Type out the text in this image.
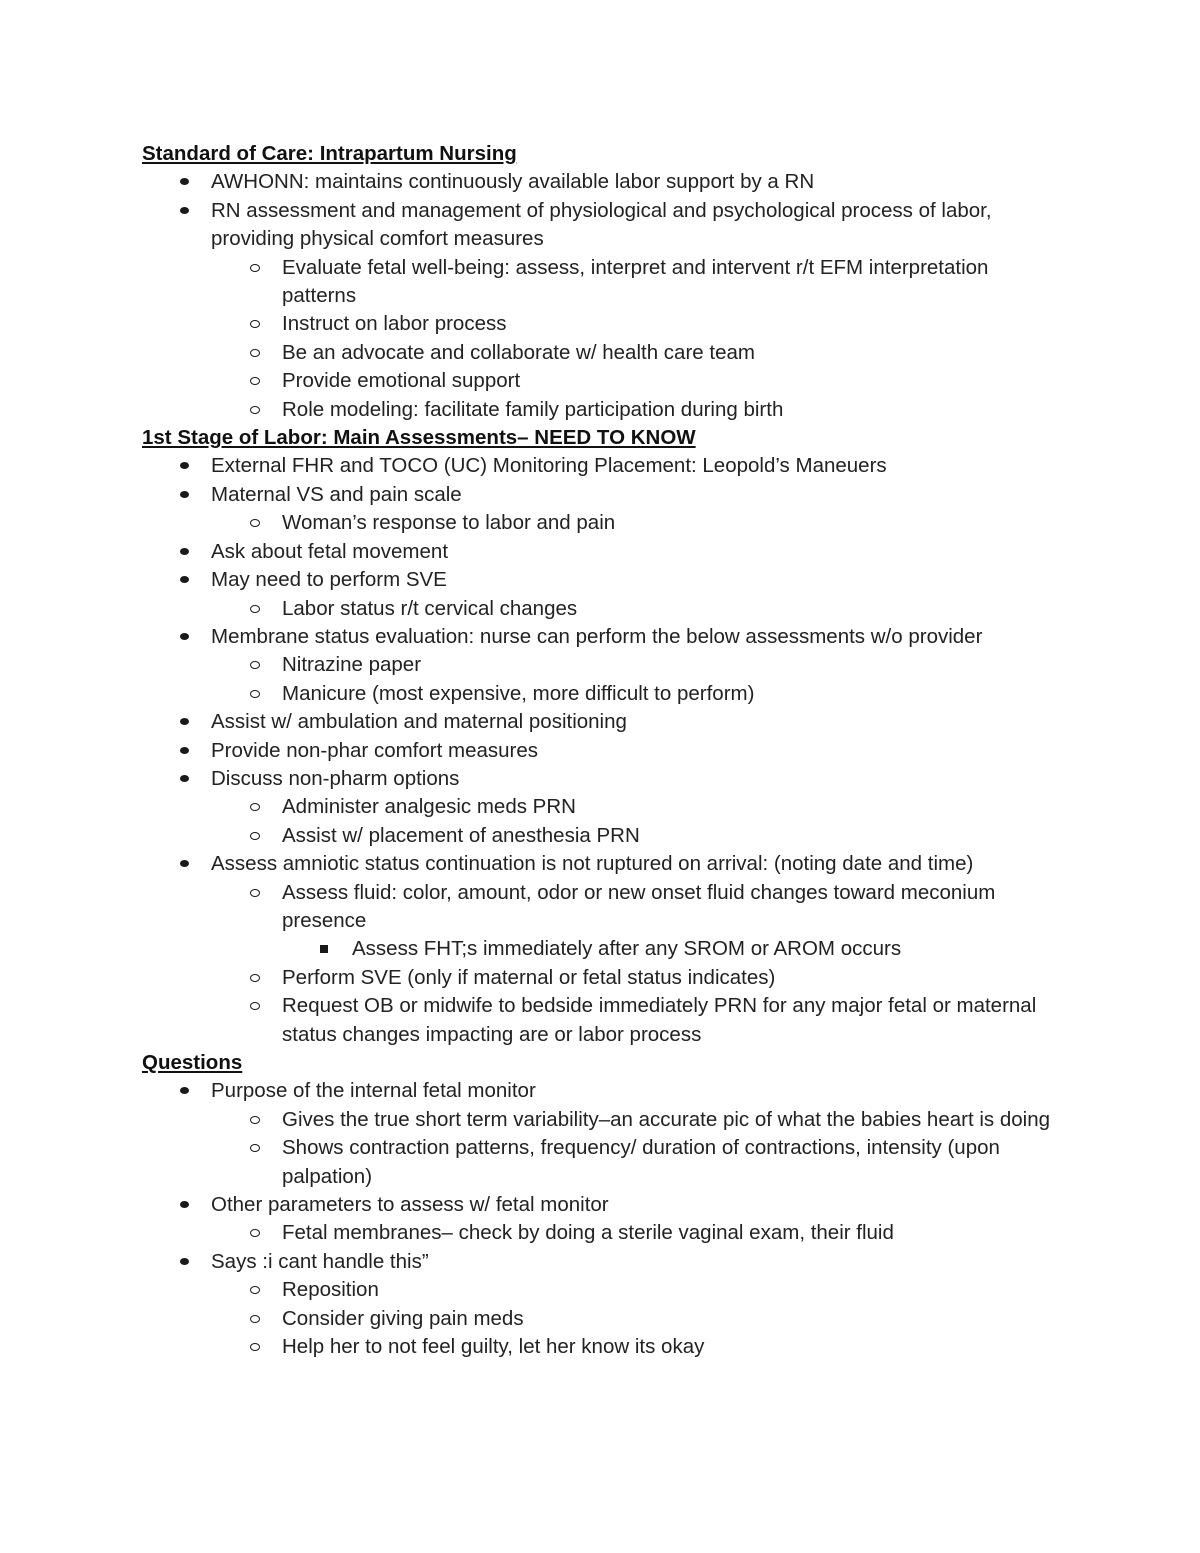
Standard of Care: Intrapartum Nursing
AWHONN: maintains continuously available labor support by a RN
RN assessment and management of physiological and psychological process of labor, providing physical comfort measures
Evaluate fetal well-being: assess, interpret and intervent r/t EFM interpretation patterns
Instruct on labor process
Be an advocate and collaborate w/ health care team
Provide emotional support
Role modeling: facilitate family participation during birth
1st Stage of Labor: Main Assessments– NEED TO KNOW
External FHR and TOCO (UC) Monitoring Placement: Leopold’s Maneuers
Maternal VS and pain scale
Woman’s response to labor and pain
Ask about fetal movement
May need to perform SVE
Labor status r/t cervical changes
Membrane status evaluation: nurse can perform the below assessments w/o provider
Nitrazine paper
Manicure (most expensive, more difficult to perform)
Assist w/ ambulation and maternal positioning
Provide non-phar comfort measures
Discuss non-pharm options
Administer analgesic meds PRN
Assist w/ placement of anesthesia PRN
Assess amniotic status continuation is not ruptured on arrival: (noting date and time)
Assess fluid: color, amount, odor or new onset fluid changes toward meconium presence
Assess FHT;s immediately after any SROM or AROM occurs
Perform SVE (only if maternal or fetal status indicates)
Request OB or midwife to bedside immediately PRN for any major fetal or maternal status changes impacting are or labor process
Questions
Purpose of the internal fetal monitor
Gives the true short term variability–an accurate pic of what the babies heart is doing
Shows contraction patterns, frequency/ duration of contractions, intensity (upon palpation)
Other parameters to assess w/ fetal monitor
Fetal membranes– check by doing a sterile vaginal exam, their fluid
Says :i cant handle this”
Reposition
Consider giving pain meds
Help her to not feel guilty, let her know its okay
